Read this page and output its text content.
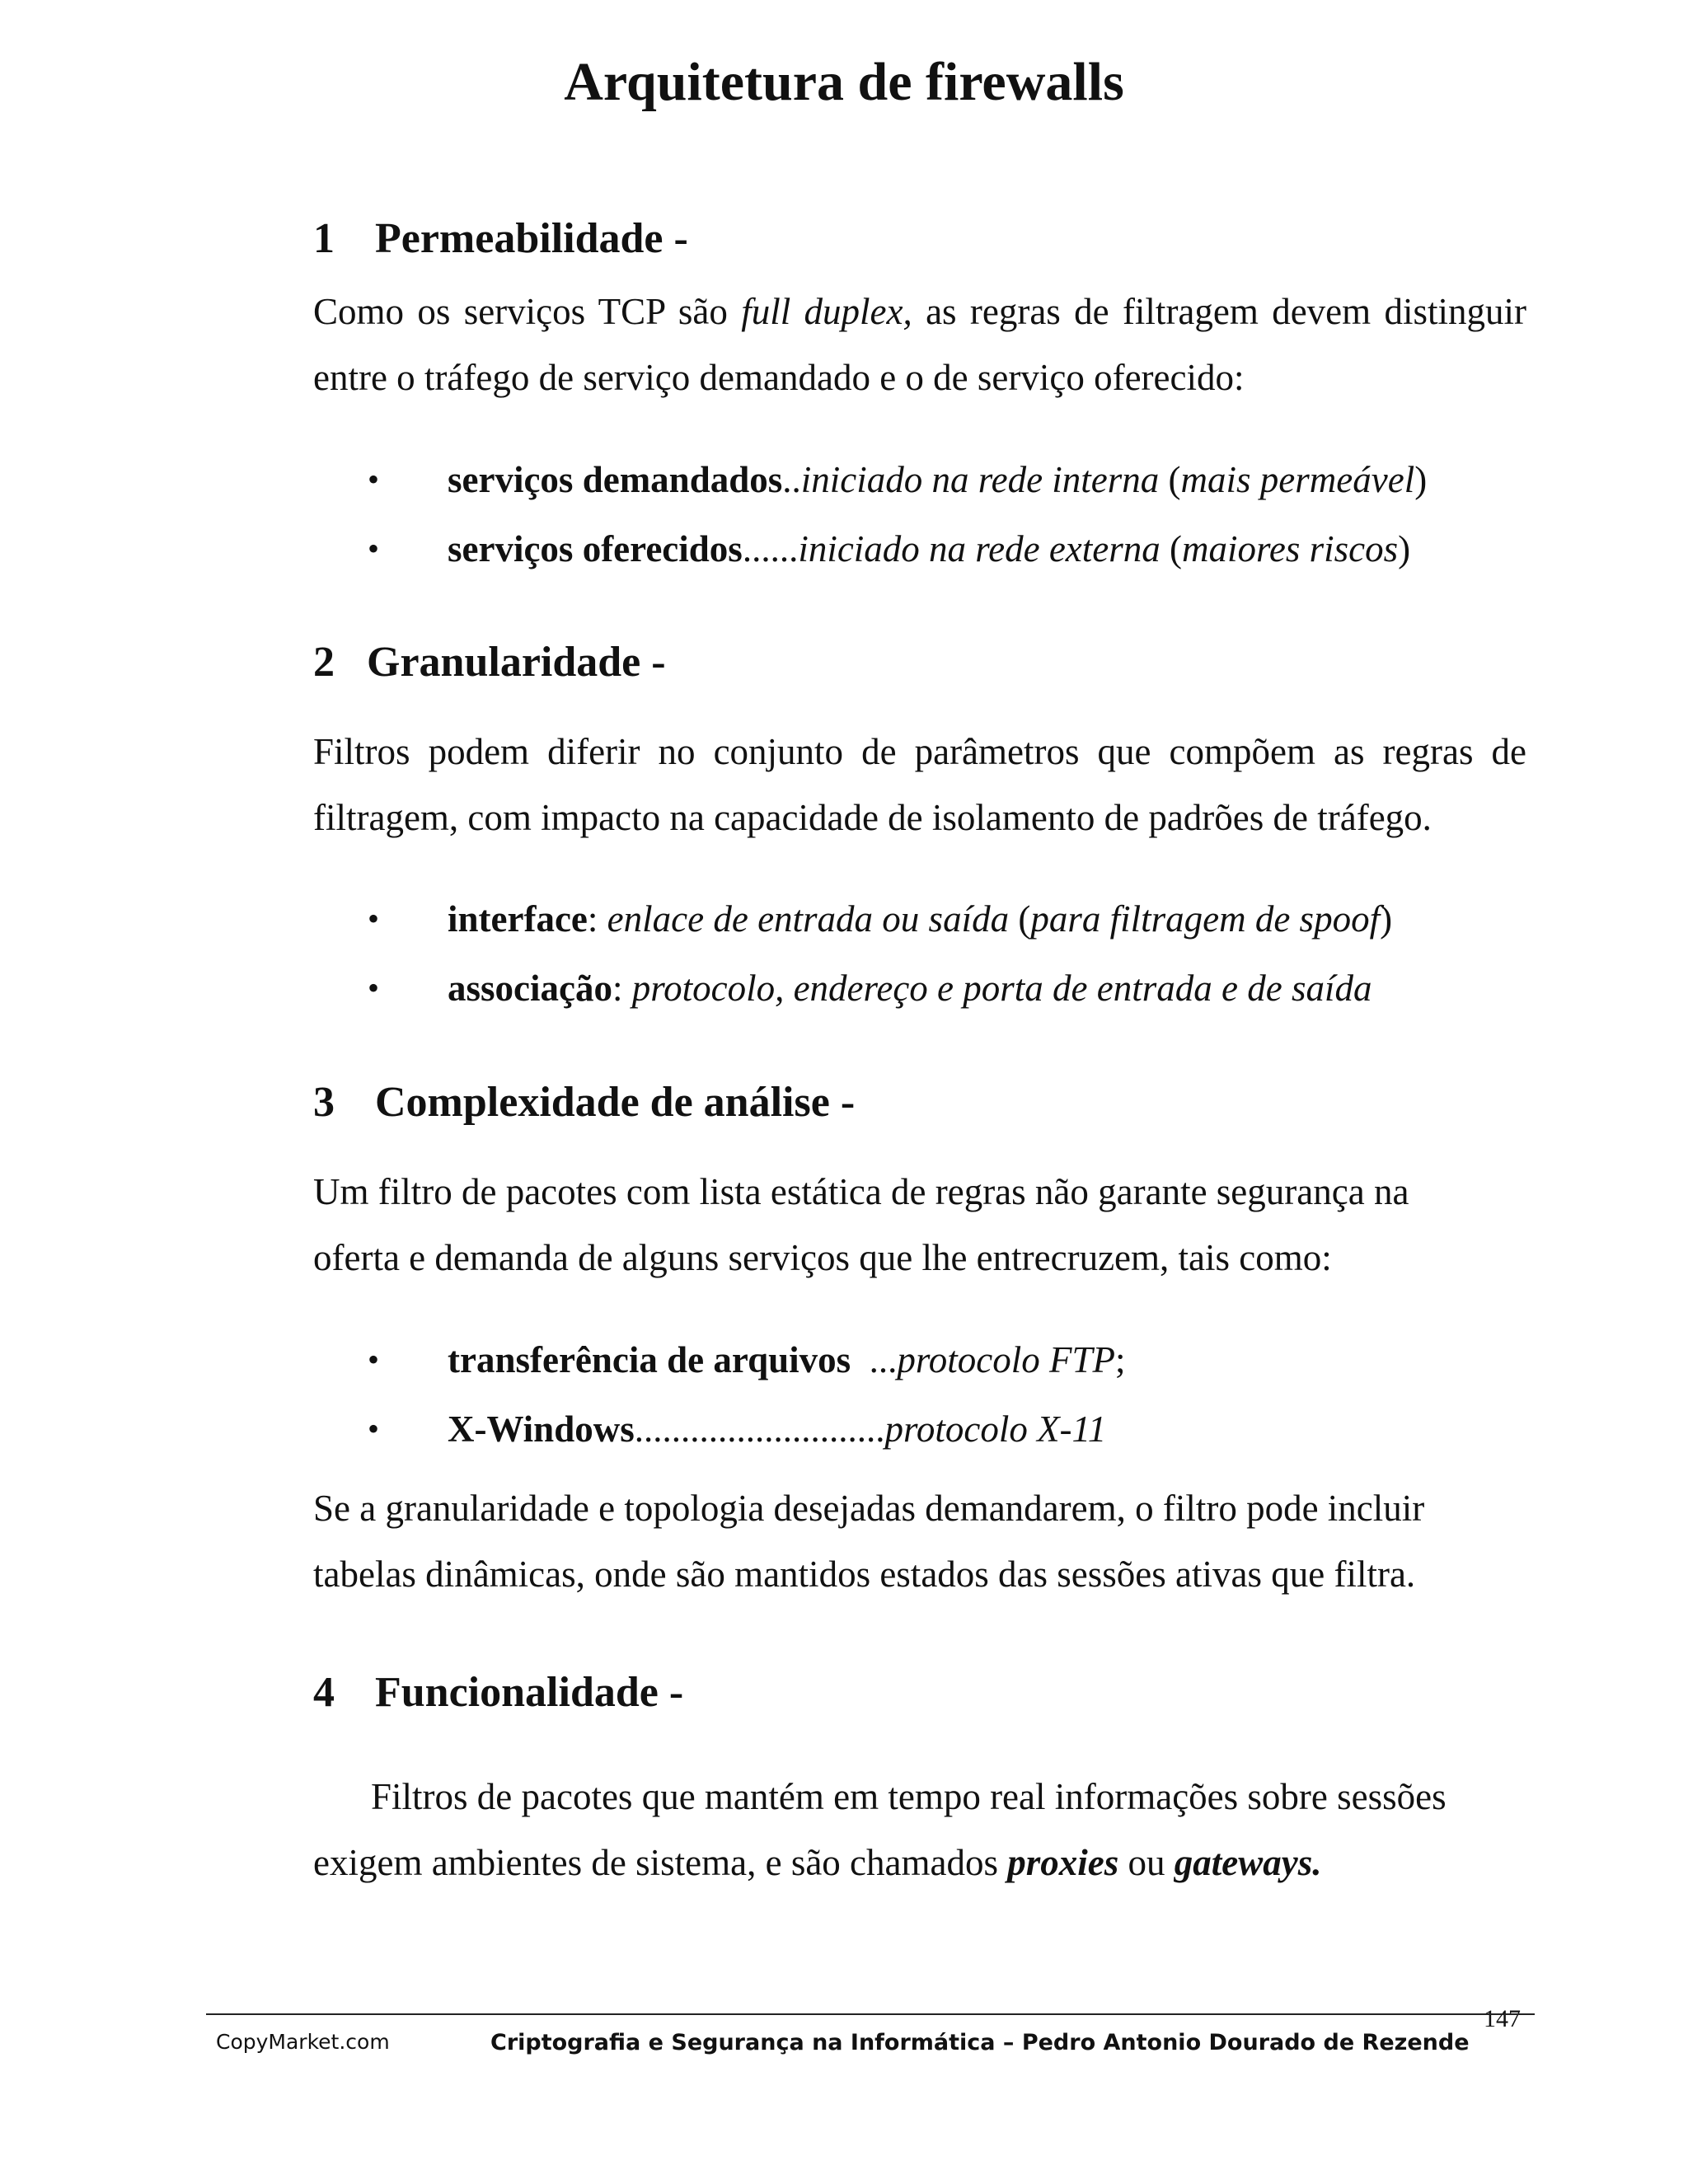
Arquitetura de firewalls
1 Permeabilidade -

Como os serviços TCP são full duplex, as regras de filtragem devem distinguir entre o tráfego de serviço demandado e o de serviço oferecido:

• serviços demandados..iniciado na rede interna (mais permeável)
• serviços oferecidos......iniciado na rede externa (maiores riscos)
2 Granularidade -

Filtros podem diferir no conjunto de parâmetros que compõem as regras de filtragem, com impacto na capacidade de isolamento de padrões de tráfego.

• interface: enlace de entrada ou saída (para filtragem de spoof)
• associação: protocolo, endereço e porta de entrada e de saída
3 Complexidade de análise -

Um filtro de pacotes com lista estática de regras não garante segurança na oferta e demanda de alguns serviços que lhe entrecruzem, tais como:

• transferência de arquivos  ...protocolo FTP;
• X-Windows...........................protocolo X-11

Se a granularidade e topologia desejadas demandarem, o filtro pode incluir tabelas dinâmicas, onde são mantidos estados das sessões ativas que filtra.

4 Funcionalidade -

Filtros de pacotes que mantém em tempo real informações sobre sessões exigem ambientes de sistema, e são chamados proxies ou gateways.

147
CopyMarket.com	Criptografia e Segurança na Informática – Pedro Antonio Dourado de Rezende
